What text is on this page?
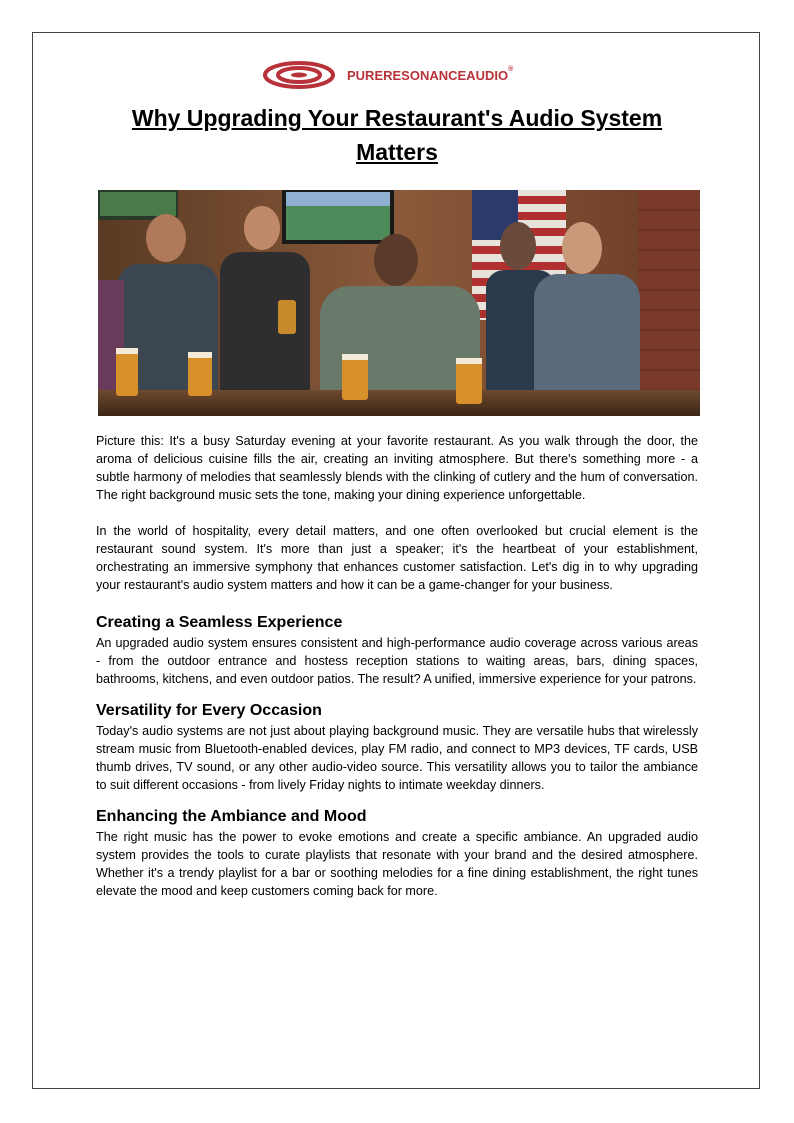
PURERESONANCEAUDIO®
Why Upgrading Your Restaurant's Audio System Matters

Picture this: It's a busy Saturday evening at your favorite restaurant. As you walk through the door, the aroma of delicious cuisine fills the air, creating an inviting atmosphere. But there's something more - a subtle harmony of melodies that seamlessly blends with the clinking of cutlery and the hum of conversation. The right background music sets the tone, making your dining experience unforgettable.

In the world of hospitality, every detail matters, and one often overlooked but crucial element is the restaurant sound system. It's more than just a speaker; it's the heartbeat of your establishment, orchestrating an immersive symphony that enhances customer satisfaction. Let's dig in to why upgrading your restaurant's audio system matters and how it can be a game-changer for your business.

Creating a Seamless Experience

An upgraded audio system ensures consistent and high-performance audio coverage across various areas - from the outdoor entrance and hostess reception stations to waiting areas, bars, dining spaces, bathrooms, kitchens, and even outdoor patios. The result? A unified, immersive experience for your patrons.

Versatility for Every Occasion

Today's audio systems are not just about playing background music. They are versatile hubs that wirelessly stream music from Bluetooth-enabled devices, play FM radio, and connect to MP3 devices, TF cards, USB thumb drives, TV sound, or any other audio-video source. This versatility allows you to tailor the ambiance to suit different occasions - from lively Friday nights to intimate weekday dinners.

Enhancing the Ambiance and Mood

The right music has the power to evoke emotions and create a specific ambiance. An upgraded audio system provides the tools to curate playlists that resonate with your brand and the desired atmosphere. Whether it's a trendy playlist for a bar or soothing melodies for a fine dining establishment, the right tunes elevate the mood and keep customers coming back for more.
